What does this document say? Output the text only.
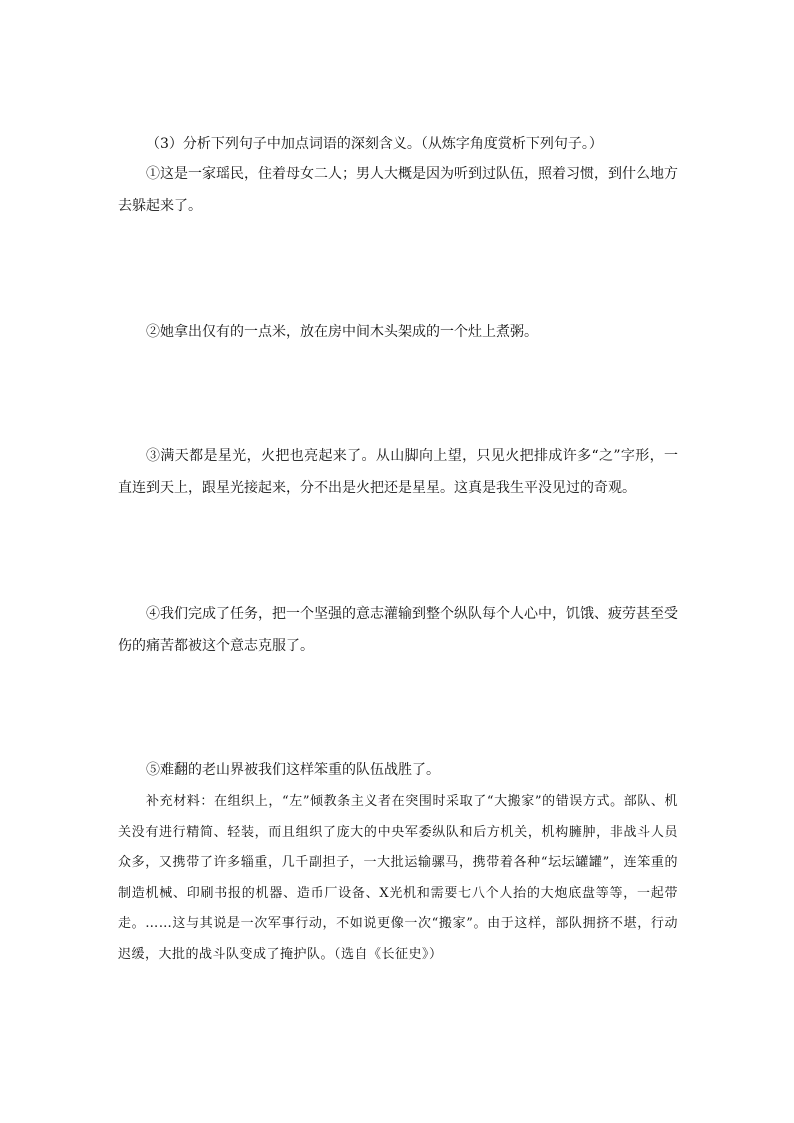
（3）分析下列句子中加点词语的深刻含义。（从炼字角度赏析下列句子。）

①这是一家瑶民，住着母女二人；男人大概是因为听到过队伍，照着习惯，到什么地方去躲起来了。

②她拿出仅有的一点米，放在房中间木头架成的一个灶上煮粥。

③满天都是星光，火把也亮起来了。从山脚向上望，只见火把排成许多“之”字形，一直连到天上，跟星光接起来，分不出是火把还是星星。这真是我生平没见过的奇观。

④我们完成了任务，把一个坚强的意志灌输到整个纵队每个人心中，饥饿、疲劳甚至受伤的痛苦都被这个意志克服了。

⑤难翻的老山界被我们这样笨重的队伍战胜了。

补充材料：在组织上，“左”倾教条主义者在突围时采取了“大搬家”的错误方式。部队、机关没有进行精简、轻装，而且组织了庞大的中央军委纵队和后方机关，机构臃肿，非战斗人员众多，又携带了许多辎重，几千副担子，一大批运输骡马，携带着各种“坛坛罐罐”，连笨重的制造机械、印刷书报的机器、造币厂设备、X光机和需要七八个人抬的大炮底盘等等，一起带走。……这与其说是一次军事行动，不如说更像一次“搬家”。由于这样，部队拥挤不堪，行动迟缓，大批的战斗队变成了掩护队。（选自《长征史》）
